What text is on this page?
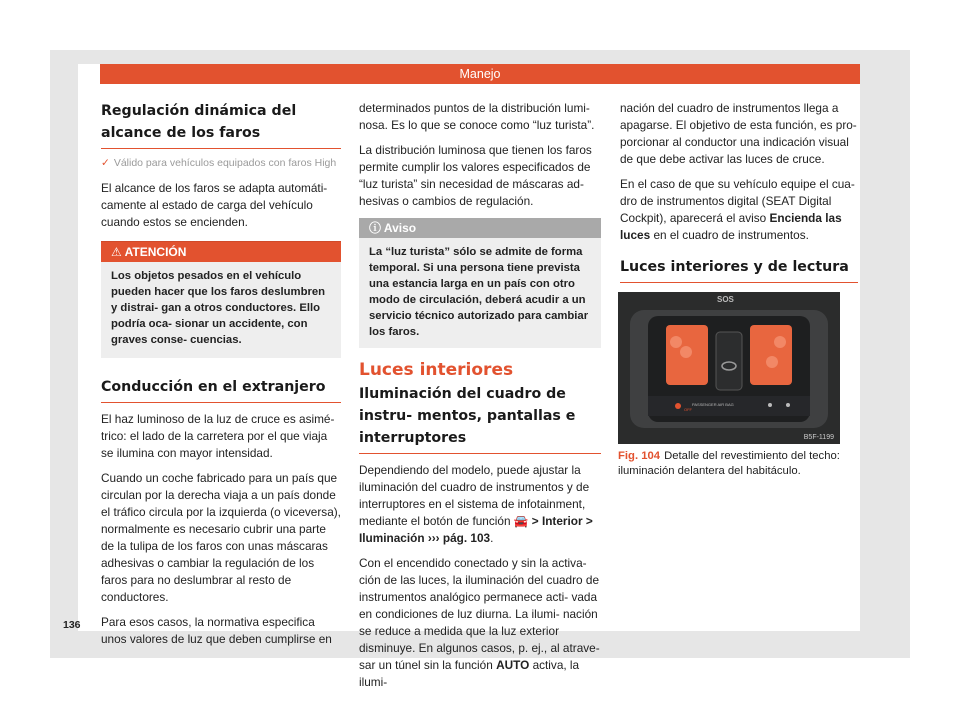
Manejo
Regulación dinámica del alcance de los faros
✓ Válido para vehículos equipados con faros High

El alcance de los faros se adapta automáti- camente al estado de carga del vehículo cuando estos se encienden.

⚠ ATENCIÓN
Los objetos pesados en el vehículo pueden hacer que los faros deslumbren y distrai- gan a otros conductores. Ello podría oca- sionar un accidente, con graves conse- cuencias.
Conducción en el extranjero

El haz luminoso de la luz de cruce es asimé- trico: el lado de la carretera por el que viaja se ilumina con mayor intensidad.

Cuando un coche fabricado para un país que circulan por la derecha viaja a un país donde el tráfico circula por la izquierda (o viceversa), normalmente es necesario cubrir una parte de la tulipa de los faros con unas máscaras adhesivas o cambiar la regulación de los faros para no deslumbrar al resto de conductores.

Para esos casos, la normativa especifica unos valores de luz que deben cumplirse en

determinados puntos de la distribución lumi- nosa. Es lo que se conoce como “luz turista”.

La distribución luminosa que tienen los faros permite cumplir los valores especificados de “luz turista” sin necesidad de máscaras ad- hesivas o cambios de regulación.

ⓘ Aviso
La “luz turista” sólo se admite de forma temporal. Si una persona tiene prevista una estancia larga en un país con otro modo de circulación, deberá acudir a un servicio técnico autorizado para cambiar los faros.
Luces interiores
Iluminación del cuadro de instru- mentos, pantallas e interruptores

Dependiendo del modelo, puede ajustar la iluminación del cuadro de instrumentos y de interruptores en el sistema de infotainment, mediante el botón de función 🚘 > Interior > Iluminación ››› pág. 103.

Con el encendido conectado y sin la activa- ción de las luces, la iluminación del cuadro de instrumentos analógico permanece acti- vada en condiciones de luz diurna. La ilumi- nación se reduce a medida que la luz exterior disminuye. En algunos casos, p. ej., al atrave- sar un túnel sin la función AUTO activa, la ilumi-

nación del cuadro de instrumentos llega a apagarse. El objetivo de esta función, es pro- porcionar al conductor una indicación visual de que debe activar las luces de cruce.

En el caso de que su vehículo equipe el cua- dro de instrumentos digital (SEAT Digital Cockpit), aparecerá el aviso Encienda las luces en el cuadro de instrumentos.

Luces interiores y de lectura
SOS
PASSENGER AIR BAG
OFF
B5F-1199
Fig. 104 Detalle del revestimiento del techo: iluminación delantera del habitáculo.
136
